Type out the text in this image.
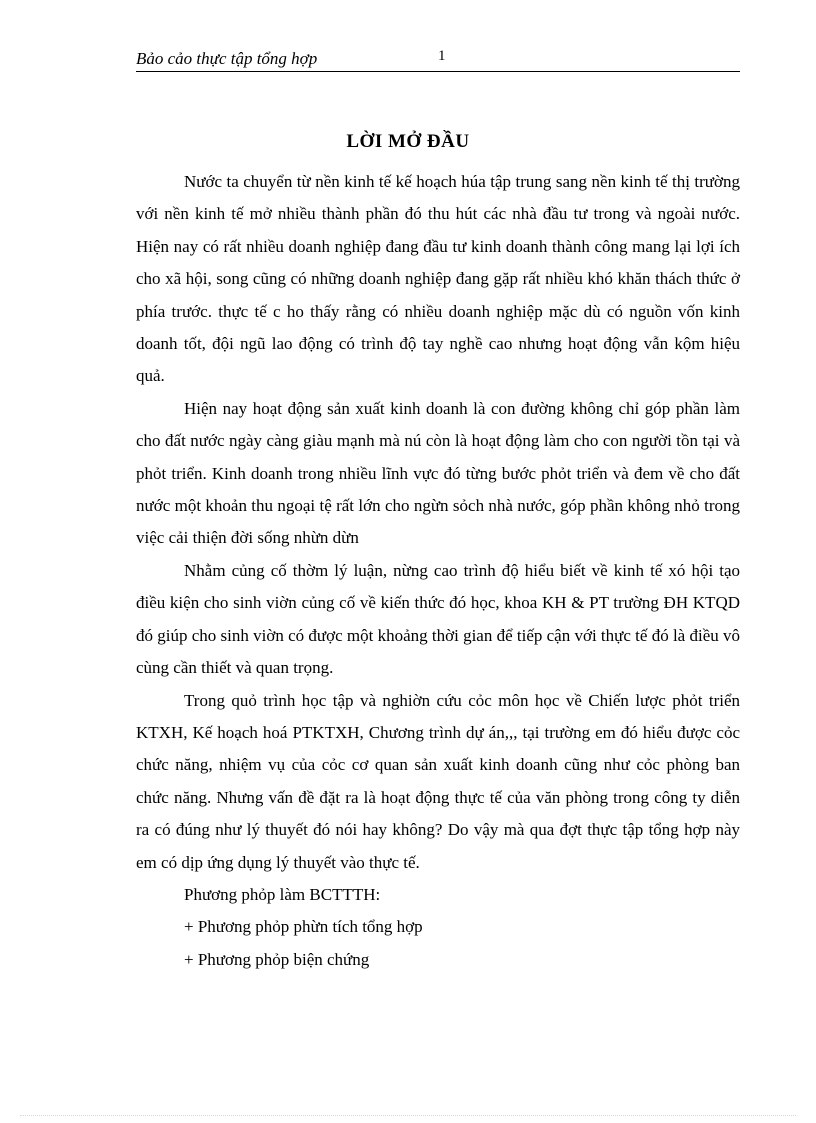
Bảo cảo thực tập tổng hợp	1
LỜI MỞ ĐẦU

Nước ta chuyển từ nền kinh tế kế hoạch húa tập trung sang nền kinh tế thị trường với nền kinh tế mở nhiều thành phần đó thu hút các nhà đầu tư trong và ngoài nước. Hiện nay có rất nhiều doanh nghiệp đang đầu tư kinh doanh thành công mang lại lợi ích cho xã hội, song cũng có những doanh nghiệp đang gặp rất nhiều khó khăn thách thức ở phía trước. thực tế c ho thấy rằng có nhiều doanh nghiệp mặc dù có nguồn vốn kinh doanh tốt, đội ngũ lao động có trình độ tay nghề cao nhưng hoạt động vẫn kộm hiệu quả.

Hiện nay hoạt động sản xuất kinh doanh là con đường không chỉ góp phần làm cho đất nước ngày càng giàu mạnh mà nú còn là hoạt động làm cho con người tồn tại và phỏt triển. Kinh doanh trong nhiều lĩnh vực đó từng bước phỏt triển và đem về cho đất nước một khoản thu ngoại tệ rất lớn cho ngừn sỏch nhà nước, góp phần không nhỏ trong việc cải thiện đời sống nhừn dừn

Nhằm củng cố thờm lý luận, nừng cao trình độ hiểu biết về kinh tế xó hội tạo điều kiện cho sinh viờn củng cố về kiến thức đó học, khoa KH & PT trường ĐH KTQD đó giúp cho sinh viờn có được một khoảng thời gian để tiếp cận với thực tế đó là điều vô cùng cần thiết và quan trọng.

Trong quỏ trình học tập và nghiờn cứu cỏc môn học về Chiến lược phỏt triển KTXH, Kế hoạch hoá PTKTXH, Chương trình dự án,,, tại trường em đó hiểu được cỏc chức năng, nhiệm vụ của cỏc cơ quan sản xuất kinh doanh cũng như cỏc phòng ban chức năng. Nhưng vấn đề đặt ra là hoạt động thực tế của văn phòng trong công ty diễn ra có đúng như lý thuyết đó nói hay không? Do vậy mà qua đợt thực tập tổng hợp này em có dịp ứng dụng lý thuyết vào thực tế.

Phương phỏp làm BCTTTH:

+ Phương phỏp phừn tích tổng hợp

+ Phương phỏp biện chứng
